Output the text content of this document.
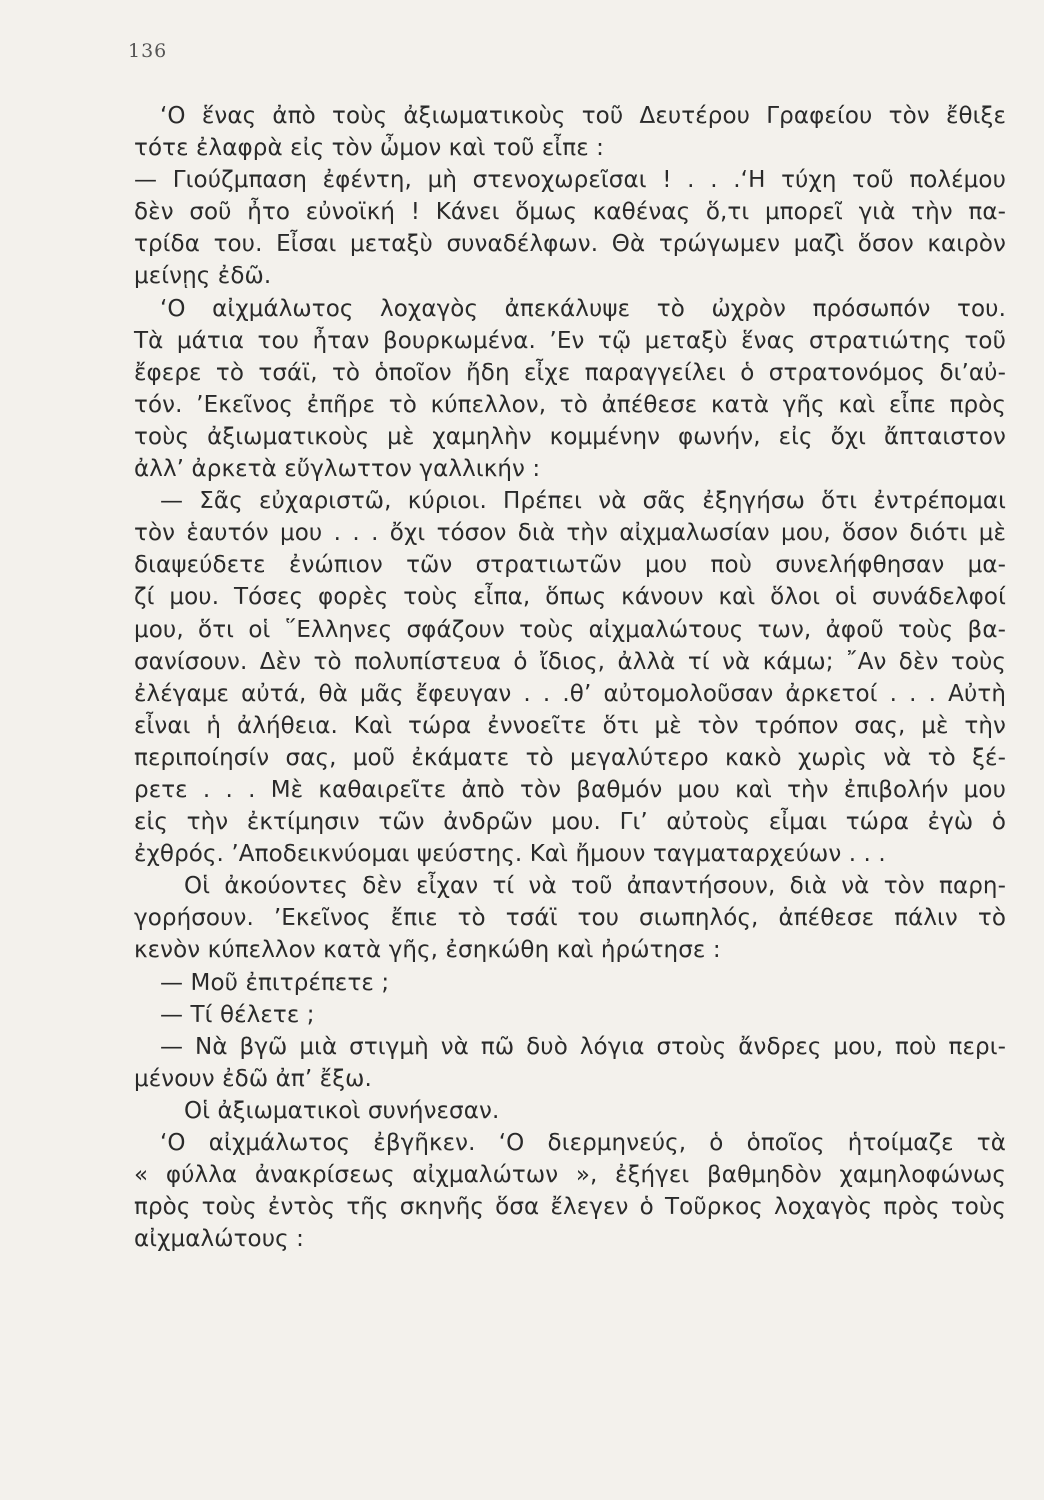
136
‘Ο ἕνας ἀπὸ τοὺς ἀξιωματικοὺς τοῦ Δευτέρου Γραφείου τὸν ἔθιξε
τότε ἐλαφρὰ εἰς τὸν ὦμον καὶ τοῦ εἶπε :
— Γιούζμπαση ἐφέντη, μὴ στενοχωρεῖσαι ! . . .‘Η τύχη τοῦ πολέμου
δὲν σοῦ ἦτο εὐνοϊκή ! Κάνει ὅμως καθένας ὅ,τι μπορεῖ γιὰ τὴν πα-
τρίδα του. Εἶσαι μεταξὺ συναδέλφων. Θὰ τρώγωμεν μαζὶ ὅσον καιρὸν
μείνῃς ἐδῶ.
‘Ο αἰχμάλωτος λοχαγὸς ἀπεκάλυψε τὸ ὠχρὸν πρόσωπόν του.
Τὰ μάτια του ἦταν βουρκωμένα. ’Εν τῷ μεταξὺ ἕνας στρατιώτης τοῦ
ἔφερε τὸ τσάϊ, τὸ ὁποῖον ἤδη εἶχε παραγγείλει ὁ στρατονόμος δι’αὐ-
τόν. ’Εκεῖνος ἐπῆρε τὸ κύπελλον, τὸ ἀπέθεσε κατὰ γῆς καὶ εἶπε πρὸς
τοὺς ἀξιωματικοὺς μὲ χαμηλὴν κομμένην φωνήν, εἰς ὄχι ἄπταιστον
ἀλλ’ ἀρκετὰ εὔγλωττον γαλλικήν :
— Σᾶς εὐχαριστῶ, κύριοι. Πρέπει νὰ σᾶς ἐξηγήσω ὅτι ἐντρέπομαι
τὸν ἑαυτόν μου . . . ὄχι τόσον διὰ τὴν αἰχμαλωσίαν μου, ὅσον διότι μὲ
διαψεύδετε ἐνώπιον τῶν στρατιωτῶν μου ποὺ συνελήφθησαν μα-
ζί μου. Τόσες φορὲς τοὺς εἶπα, ὅπως κάνουν καὶ ὅλοι οἱ συνάδελφοί
μου, ὅτι οἱ ῞Ελληνες σφάζουν τοὺς αἰχμαλώτους των, ἀφοῦ τοὺς βα-
σανίσουν. Δὲν τὸ πολυπίστευα ὁ ἴδιος, ἀλλὰ τί νὰ κάμω; ῎Αν δὲν τοὺς
ἐλέγαμε αὐτά, θὰ μᾶς ἔφευγαν . . .θ’ αὐτομολοῦσαν ἀρκετοί . . . Αὐτὴ
εἶναι ἡ ἀλήθεια. Καὶ τώρα ἐννοεῖτε ὅτι μὲ τὸν τρόπον σας, μὲ τὴν
περιποίησίν σας, μοῦ ἐκάματε τὸ μεγαλύτερο κακὸ χωρὶς νὰ τὸ ξέ-
ρετε . . . Μὲ καθαιρεῖτε ἀπὸ τὸν βαθμόν μου καὶ τὴν ἐπιβολήν μου
εἰς τὴν ἐκτίμησιν τῶν ἀνδρῶν μου. Γι’ αὐτοὺς εἶμαι τώρα ἐγὼ ὁ
ἐχθρός. ’Αποδεικνύομαι ψεύστης. Καὶ ἤμουν ταγματαρχεύων . . .
Οἱ ἀκούοντες δὲν εἶχαν τί νὰ τοῦ ἀπαντήσουν, διὰ νὰ τὸν παρη-
γορήσουν. ’Εκεῖνος ἔπιε τὸ τσάϊ του σιωπηλός, ἀπέθεσε πάλιν τὸ
κενὸν κύπελλον κατὰ γῆς, ἐσηκώθη καὶ ἠρώτησε :
— Μοῦ ἐπιτρέπετε ;
— Τί θέλετε ;
— Νὰ βγῶ μιὰ στιγμὴ νὰ πῶ δυὸ λόγια στοὺς ἄνδρες μου, ποὺ περι-
μένουν ἐδῶ ἀπ’ ἔξω.
Οἱ ἀξιωματικοὶ συνήνεσαν.
‘Ο αἰχμάλωτος ἐβγῆκεν. ‘Ο διερμηνεύς, ὁ ὁποῖος ἡτοίμαζε τὰ
« φύλλα ἀνακρίσεως αἰχμαλώτων », ἐξήγει βαθμηδὸν χαμηλοφώνως
πρὸς τοὺς ἐντὸς τῆς σκηνῆς ὅσα ἔλεγεν ὁ Τοῦρκος λοχαγὸς πρὸς τοὺς
αἰχμαλώτους :
